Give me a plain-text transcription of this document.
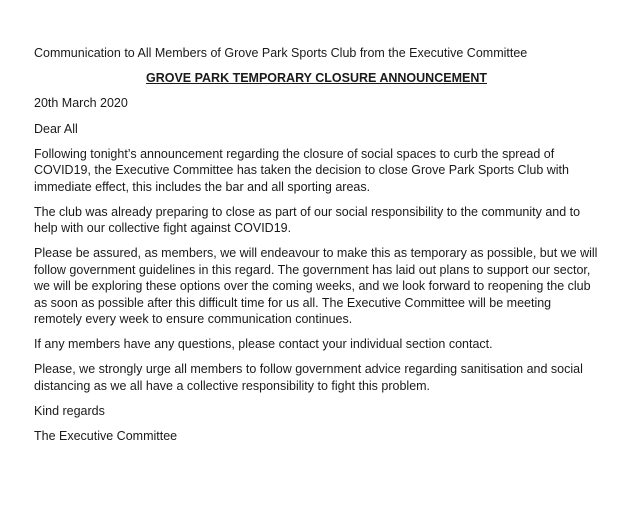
Communication to All Members of Grove Park Sports Club from the Executive Committee

GROVE PARK TEMPORARY CLOSURE ANNOUNCEMENT

20th March 2020

Dear All

Following tonight’s announcement regarding the closure of social spaces to curb the spread of COVID19, the Executive Committee has taken the decision to close Grove Park Sports Club with immediate effect, this includes the bar and all sporting areas.

The club was already preparing to close as part of our social responsibility to the community and to help with our collective fight against COVID19.

Please be assured, as members, we will endeavour to make this as temporary as possible, but we will follow government guidelines in this regard. The government has laid out plans to support our sector, we will be exploring these options over the coming weeks, and we look forward to reopening the club as soon as possible after this difficult time for us all. The Executive Committee will be meeting remotely every week to ensure communication continues.

If any members have any questions, please contact your individual section contact.

Please, we strongly urge all members to follow government advice regarding sanitisation and social distancing as we all have a collective responsibility to fight this problem.

Kind regards

The Executive Committee
